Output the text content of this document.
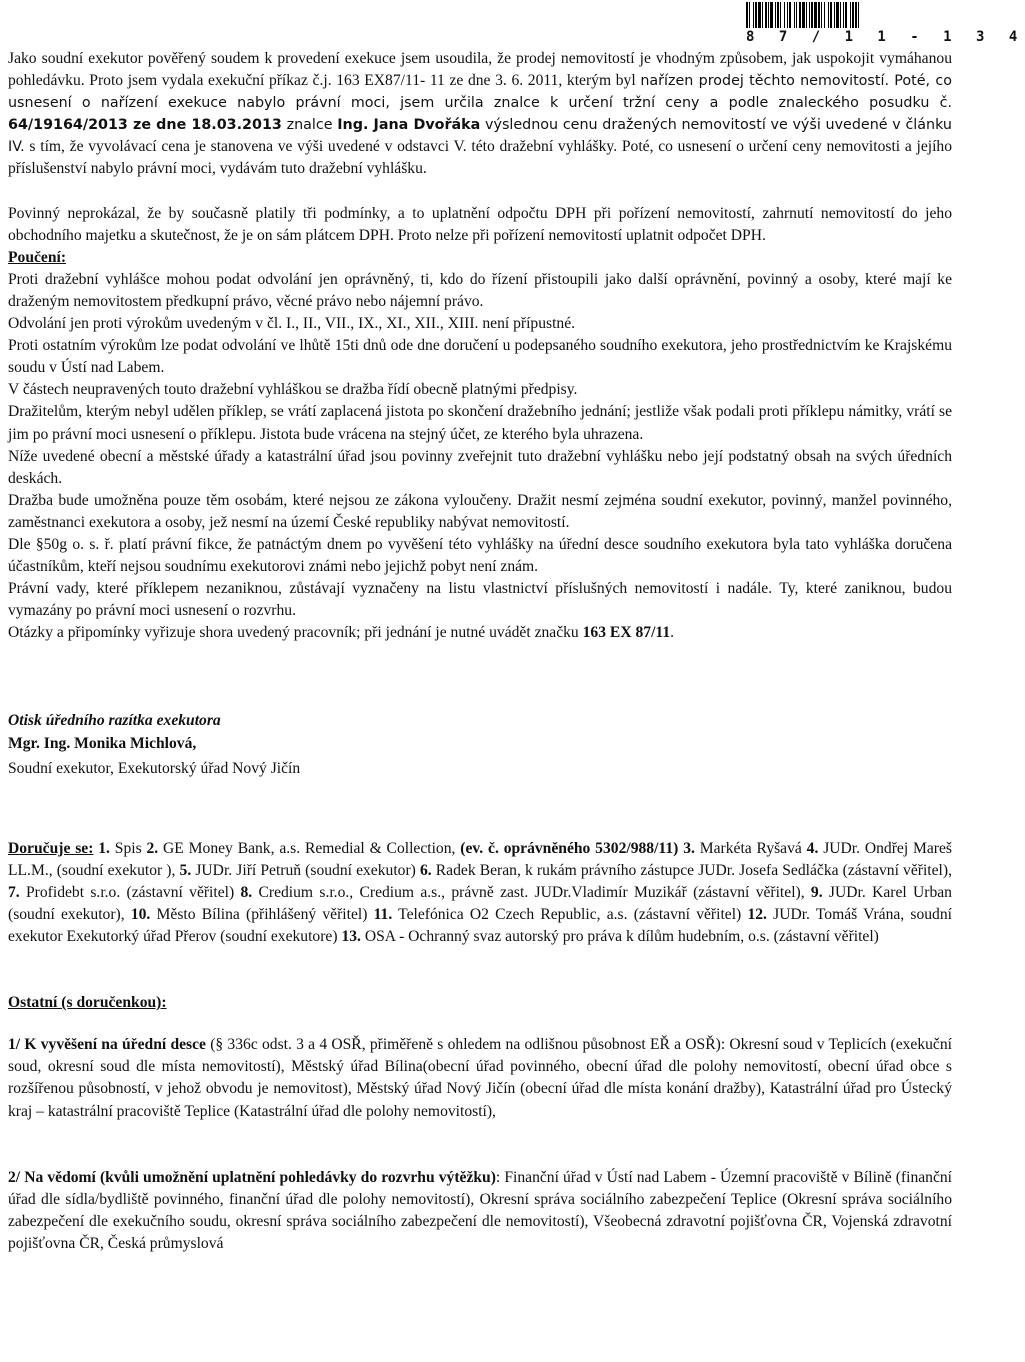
8 7 / 1 1 - 1 3 4

Jako soudní exekutor pověřený soudem k provedení exekuce jsem usoudila, že prodej nemovitostí je vhodným způsobem, jak uspokojit vymáhanou pohledávku. Proto jsem vydala exekuční příkaz č.j. 163 EX87/11- 11 ze dne 3. 6. 2011, kterým byl nařízen prodej těchto nemovitostí. Poté, co usnesení o nařízení exekuce nabylo právní moci, jsem určila znalce k určení tržní ceny a podle znaleckého posudku č. 64/19164/2013 ze dne 18.03.2013 znalce Ing. Jana Dvořáka výslednou cenu dražených nemovitostí ve výši uvedené v článku IV. s tím, že vyvolávací cena je stanovena ve výši uvedené v odstavci V. této dražební vyhlášky. Poté, co usnesení o určení ceny nemovitosti a jejího příslušenství nabylo právní moci, vydávám tuto dražební vyhlášku.

Povinný neprokázal, že by současně platily tři podmínky, a to uplatnění odpočtu DPH při pořízení nemovitostí, zahrnutí nemovitostí do jeho obchodního majetku a skutečnost, že je on sám plátcem DPH. Proto nelze při pořízení nemovitostí uplatnit odpočet DPH.

Poučení:

Proti dražební vyhlášce mohou podat odvolání jen oprávněný, ti, kdo do řízení přistoupili jako další oprávnění, povinný a osoby, které mají ke draženým nemovitostem předkupní právo, věcné právo nebo nájemní právo.

Odvolání jen proti výrokům uvedeným v čl. I., II., VII., IX., XI., XII., XIII. není přípustné.

Proti ostatním výrokům lze podat odvolání ve lhůtě 15ti dnů ode dne doručení u podepsaného soudního exekutora, jeho prostřednictvím ke Krajskému soudu v Ústí nad Labem.

V částech neupravených touto dražební vyhláškou se dražba řídí obecně platnými předpisy.

Dražitelům, kterým nebyl udělen příklep, se vrátí zaplacená jistota po skončení dražebního jednání; jestliže však podali proti příklepu námitky, vrátí se jim po právní moci usnesení o příklepu. Jistota bude vrácena na stejný účet, ze kterého byla uhrazena.

Níže uvedené obecní a městské úřady a katastrální úřad jsou povinny zveřejnit tuto dražební vyhlášku nebo její podstatný obsah na svých úředních deskách.

Dražba bude umožněna pouze těm osobám, které nejsou ze zákona vyloučeny. Dražit nesmí zejména soudní exekutor, povinný, manžel povinného, zaměstnanci exekutora a osoby, jež nesmí na území České republiky nabývat nemovitostí.

Dle §50g o. s. ř. platí právní fikce, že patnáctým dnem po vyvěšení této vyhlášky na úřední desce soudního exekutora byla tato vyhláška doručena účastníkům, kteří nejsou soudnímu exekutorovi známi nebo jejichž pobyt není znám.

Právní vady, které příklepem nezaniknou, zůstávají vyznačeny na listu vlastnictví příslušných nemovitostí i nadále. Ty, které zaniknou, budou vymazány po právní moci usnesení o rozvrhu.

Otázky a připomínky vyřizuje shora uvedený pracovník; při jednání je nutné uvádět značku 163 EX 87/11.

Otisk úředního razítka exekutora

Mgr. Ing. Monika Michlová,

Soudní exekutor, Exekutorský úřad Nový Jičín

Doručuje se: 1. Spis 2. GE Money Bank, a.s. Remedial & Collection, (ev. č. oprávněného 5302/988/11) 3. Markéta Ryšavá 4. JUDr. Ondřej Mareš LL.M., (soudní exekutor ), 5. JUDr. Jiří Petruň (soudní exekutor) 6. Radek Beran, k rukám právního zástupce JUDr. Josefa Sedláčka (zástavní věřitel), 7. Profidebt s.r.o. (zástavní věřitel) 8. Credium s.r.o., Credium a.s., právně zast. JUDr.Vladimír Muzikář (zástavní věřitel), 9. JUDr. Karel Urban (soudní exekutor), 10. Město Bílina (přihlášený věřitel) 11. Telefónica O2 Czech Republic, a.s. (zástavní věřitel) 12. JUDr. Tomáš Vrána, soudní exekutor Exekutorký úřad Přerov (soudní exekutore) 13. OSA - Ochranný svaz autorský pro práva k dílům hudebním, o.s. (zástavní věřitel)

Ostatní (s doručenkou):

1/ K vyvěšení na úřední desce (§ 336c odst. 3 a 4 OSŘ, přiměřeně s ohledem na odlišnou působnost EŘ a OSŘ): Okresní soud v Teplicích (exekuční soud, okresní soud dle místa nemovitostí), Městský úřad Bílina(obecní úřad povinného, obecní úřad dle polohy nemovitostí, obecní úřad obce s rozšířenou působností, v jehož obvodu je nemovitost), Městský úřad Nový Jičín (obecní úřad dle místa konání dražby), Katastrální úřad pro Ústecký kraj – katastrální pracoviště Teplice (Katastrální úřad dle polohy nemovitostí),

2/ Na vědomí (kvůli umožnění uplatnění pohledávky do rozvrhu výtěžku): Finanční úřad v Ústí nad Labem - Územní pracoviště v Bílině (finanční úřad dle sídla/bydliště povinného, finanční úřad dle polohy nemovitostí), Okresní správa sociálního zabezpečení Teplice (Okresní správa sociálního zabezpečení dle exekučního soudu, okresní správa sociálního zabezpečení dle nemovitostí), Všeobecná zdravotní pojišťovna ČR, Vojenská zdravotní pojišťovna ČR, Česká průmyslová
